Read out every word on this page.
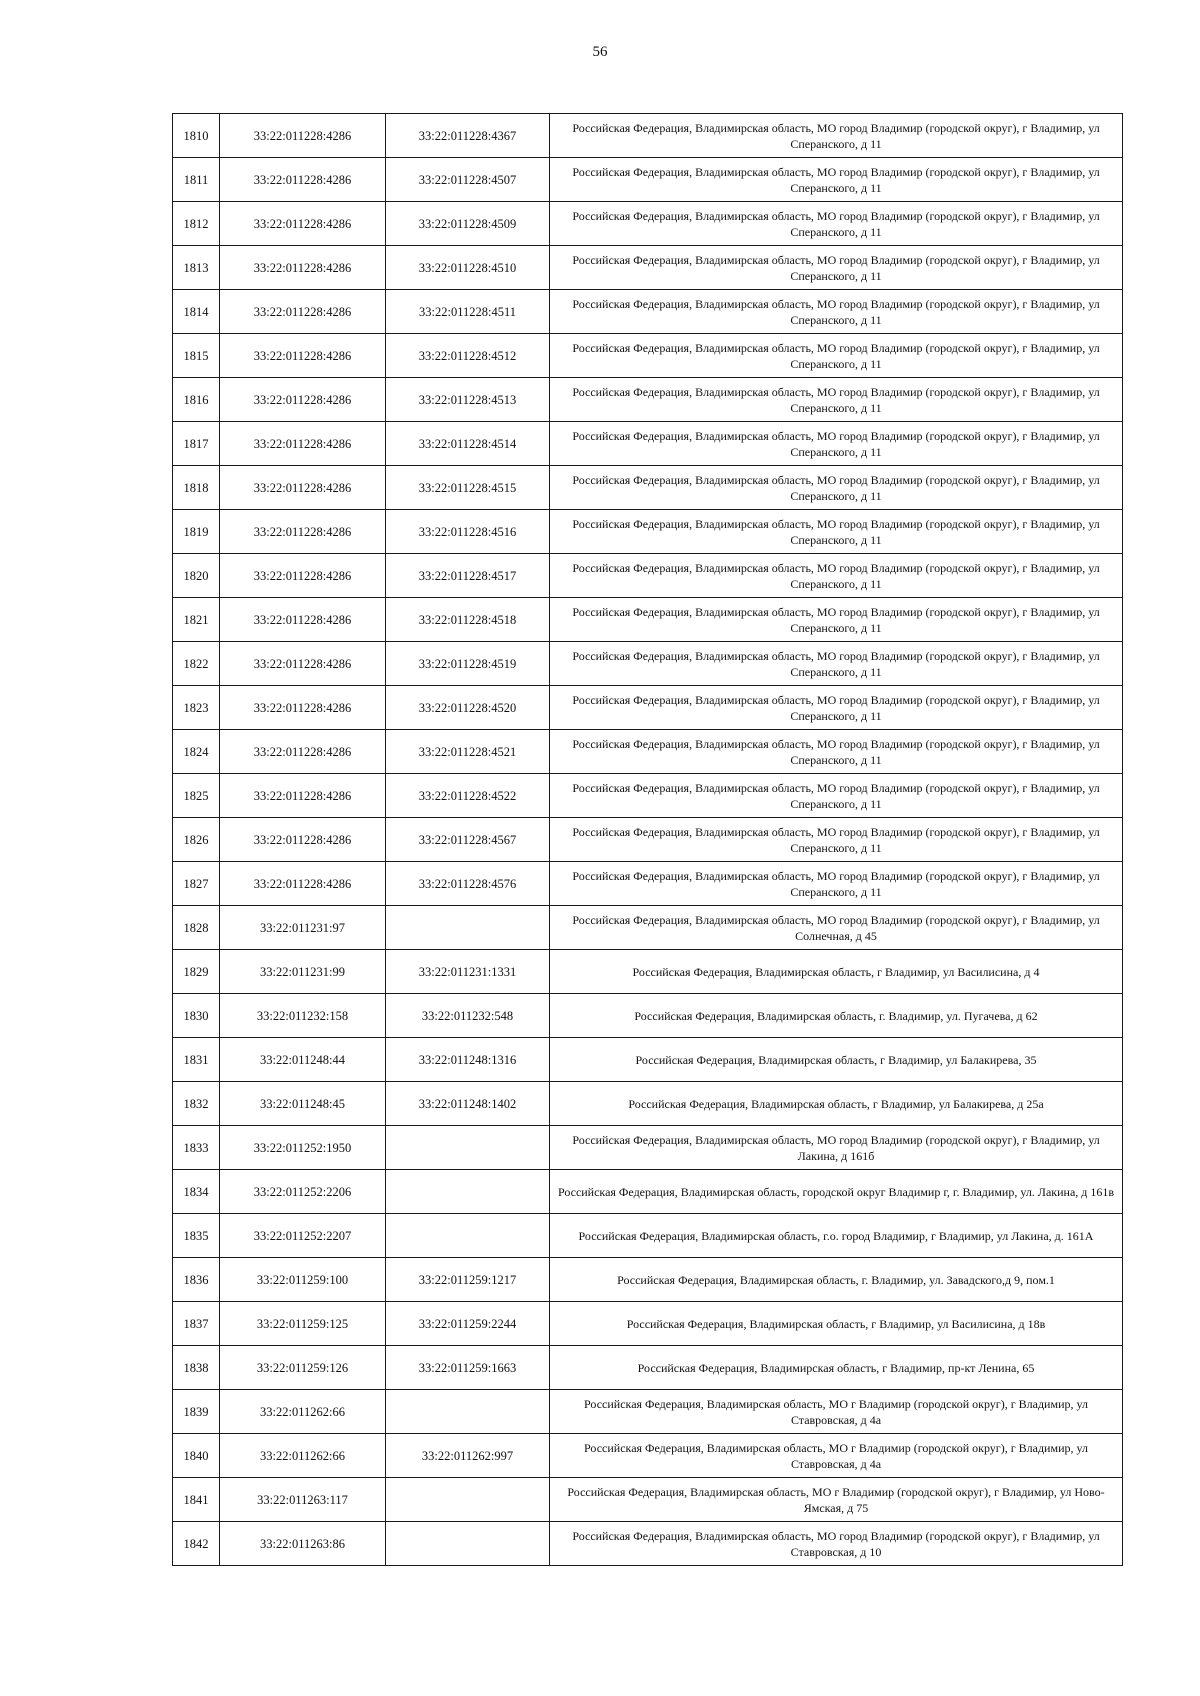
56
1810	33:22:011228:4286	33:22:011228:4367	Российская Федерация, Владимирская область, МО город Владимир (городской округ), г Владимир, ул Сперанского, д 11
1811	33:22:011228:4286	33:22:011228:4507	Российская Федерация, Владимирская область, МО город Владимир (городской округ), г Владимир, ул Сперанского, д 11
1812	33:22:011228:4286	33:22:011228:4509	Российская Федерация, Владимирская область, МО город Владимир (городской округ), г Владимир, ул Сперанского, д 11
1813	33:22:011228:4286	33:22:011228:4510	Российская Федерация, Владимирская область, МО город Владимир (городской округ), г Владимир, ул Сперанского, д 11
1814	33:22:011228:4286	33:22:011228:4511	Российская Федерация, Владимирская область, МО город Владимир (городской округ), г Владимир, ул Сперанского, д 11
1815	33:22:011228:4286	33:22:011228:4512	Российская Федерация, Владимирская область, МО город Владимир (городской округ), г Владимир, ул Сперанского, д 11
1816	33:22:011228:4286	33:22:011228:4513	Российская Федерация, Владимирская область, МО город Владимир (городской округ), г Владимир, ул Сперанского, д 11
1817	33:22:011228:4286	33:22:011228:4514	Российская Федерация, Владимирская область, МО город Владимир (городской округ), г Владимир, ул Сперанского, д 11
1818	33:22:011228:4286	33:22:011228:4515	Российская Федерация, Владимирская область, МО город Владимир (городской округ), г Владимир, ул Сперанского, д 11
1819	33:22:011228:4286	33:22:011228:4516	Российская Федерация, Владимирская область, МО город Владимир (городской округ), г Владимир, ул Сперанского, д 11
1820	33:22:011228:4286	33:22:011228:4517	Российская Федерация, Владимирская область, МО город Владимир (городской округ), г Владимир, ул Сперанского, д 11
1821	33:22:011228:4286	33:22:011228:4518	Российская Федерация, Владимирская область, МО город Владимир (городской округ), г Владимир, ул Сперанского, д 11
1822	33:22:011228:4286	33:22:011228:4519	Российская Федерация, Владимирская область, МО город Владимир (городской округ), г Владимир, ул Сперанского, д 11
1823	33:22:011228:4286	33:22:011228:4520	Российская Федерация, Владимирская область, МО город Владимир (городской округ), г Владимир, ул Сперанского, д 11
1824	33:22:011228:4286	33:22:011228:4521	Российская Федерация, Владимирская область, МО город Владимир (городской округ), г Владимир, ул Сперанского, д 11
1825	33:22:011228:4286	33:22:011228:4522	Российская Федерация, Владимирская область, МО город Владимир (городской округ), г Владимир, ул Сперанского, д 11
1826	33:22:011228:4286	33:22:011228:4567	Российская Федерация, Владимирская область, МО город Владимир (городской округ), г Владимир, ул Сперанского, д 11
1827	33:22:011228:4286	33:22:011228:4576	Российская Федерация, Владимирская область, МО город Владимир (городской округ), г Владимир, ул Сперанского, д 11
1828	33:22:011231:97		Российская Федерация, Владимирская область, МО город Владимир (городской округ), г Владимир, ул Солнечная, д 45
1829	33:22:011231:99	33:22:011231:1331	Российская Федерация, Владимирская область, г Владимир, ул Василисина, д 4
1830	33:22:011232:158	33:22:011232:548	Российская Федерация, Владимирская область, г. Владимир, ул. Пугачева, д 62
1831	33:22:011248:44	33:22:011248:1316	Российская Федерация, Владимирская область, г Владимир, ул Балакирева, 35
1832	33:22:011248:45	33:22:011248:1402	Российская Федерация, Владимирская область, г Владимир, ул Балакирева, д 25а
1833	33:22:011252:1950		Российская Федерация, Владимирская область, МО город Владимир (городской округ), г Владимир, ул Лакина, д 161б
1834	33:22:011252:2206		Российская Федерация, Владимирская область, городской округ Владимир г, г. Владимир, ул. Лакина, д 161в
1835	33:22:011252:2207		Российская Федерация, Владимирская область, г.о. город Владимир, г Владимир, ул Лакина, д. 161А
1836	33:22:011259:100	33:22:011259:1217	Российская Федерация, Владимирская область, г. Владимир, ул. Завадского,д 9, пом.1
1837	33:22:011259:125	33:22:011259:2244	Российская Федерация, Владимирская область, г Владимир, ул Василисина, д 18в
1838	33:22:011259:126	33:22:011259:1663	Российская Федерация, Владимирская область, г Владимир, пр-кт Ленина, 65
1839	33:22:011262:66		Российская Федерация, Владимирская область, МО г Владимир (городской округ), г Владимир, ул Ставровская, д 4а
1840	33:22:011262:66	33:22:011262:997	Российская Федерация, Владимирская область, МО г Владимир (городской округ), г Владимир, ул Ставровская, д 4а
1841	33:22:011263:117		Российская Федерация, Владимирская область, МО г Владимир (городской округ), г Владимир, ул Ново-Ямская, д 75
1842	33:22:011263:86		Российская Федерация, Владимирская область, МО город Владимир (городской округ), г Владимир, ул Ставровская, д 10
